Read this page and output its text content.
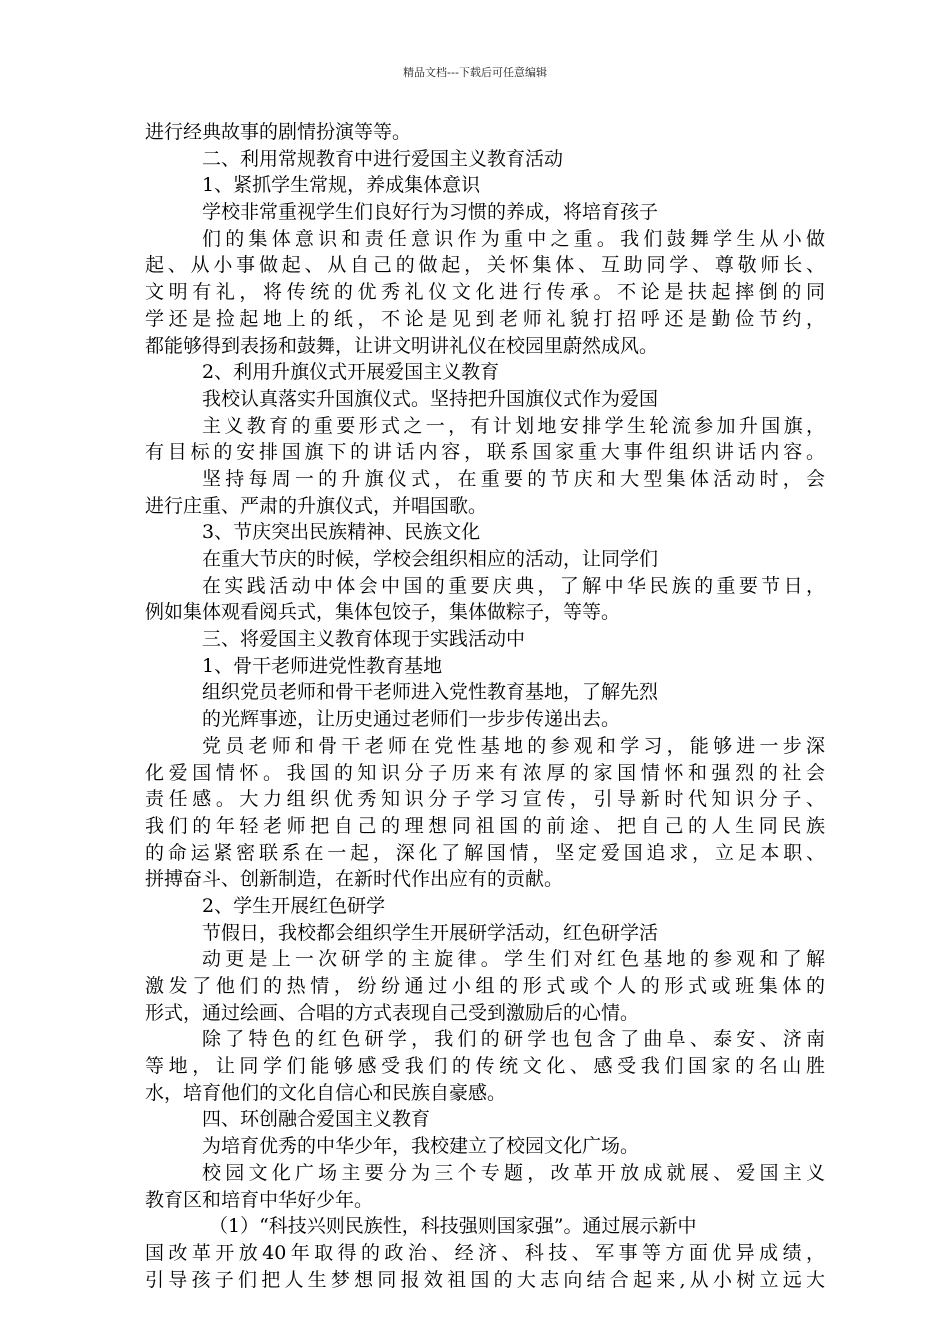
精品文档---下载后可任意编辑
进行经典故事的剧情扮演等等。
二、利用常规教育中进行爱国主义教育活动
1、紧抓学生常规，养成集体意识
学校非常重视学生们良好行为习惯的养成，将培育孩子
们的集体意识和责任意识作为重中之重。我们鼓舞学生从小做
起、从小事做起、从自己的做起，关怀集体、互助同学、尊敬师长、
文明有礼，将传统的优秀礼仪文化进行传承。不论是扶起摔倒的同
学还是捡起地上的纸，不论是见到老师礼貌打招呼还是勤俭节约，
都能够得到表扬和鼓舞，让讲文明讲礼仪在校园里蔚然成风。
2、利用升旗仪式开展爱国主义教育
我校认真落实升国旗仪式。坚持把升国旗仪式作为爱国
主义教育的重要形式之一，有计划地安排学生轮流参加升国旗，
有目标的安排国旗下的讲话内容，联系国家重大事件组织讲话内容。
坚持每周一的升旗仪式，在重要的节庆和大型集体活动时，会
进行庄重、严肃的升旗仪式，并唱国歌。
3、节庆突出民族精神、民族文化
在重大节庆的时候，学校会组织相应的活动，让同学们
在实践活动中体会中国的重要庆典，了解中华民族的重要节日，
例如集体观看阅兵式，集体包饺子，集体做粽子，等等。
三、将爱国主义教育体现于实践活动中
1、骨干老师进党性教育基地
组织党员老师和骨干老师进入党性教育基地，了解先烈
的光辉事迹，让历史通过老师们一步步传递出去。
党员老师和骨干老师在党性基地的参观和学习，能够进一步深
化爱国情怀。我国的知识分子历来有浓厚的家国情怀和强烈的社会
责任感。大力组织优秀知识分子学习宣传，引导新时代知识分子、
我们的年轻老师把自己的理想同祖国的前途、把自己的人生同民族
的命运紧密联系在一起，深化了解国情，坚定爱国追求，立足本职、
拼搏奋斗、创新制造，在新时代作出应有的贡献。
2、学生开展红色研学
节假日，我校都会组织学生开展研学活动，红色研学活
动更是上一次研学的主旋律。学生们对红色基地的参观和了解
激发了他们的热情，纷纷通过小组的形式或个人的形式或班集体的
形式，通过绘画、合唱的方式表现自己受到激励后的心情。
除了特色的红色研学，我们的研学也包含了曲阜、泰安、济南
等地，让同学们能够感受我们的传统文化、感受我们国家的名山胜
水，培育他们的文化自信心和民族自豪感。
四、环创融合爱国主义教育
为培育优秀的中华少年，我校建立了校园文化广场。
校园文化广场主要分为三个专题，改革开放成就展、爱国主义
教育区和培育中华好少年。
（1）“科技兴则民族性，科技强则国家强”。通过展示新中
国改革开放40年取得的政治、经济、科技、军事等方面优异成绩，
引导孩子们把人生梦想同报效祖国的大志向结合起来,从小树立远大
